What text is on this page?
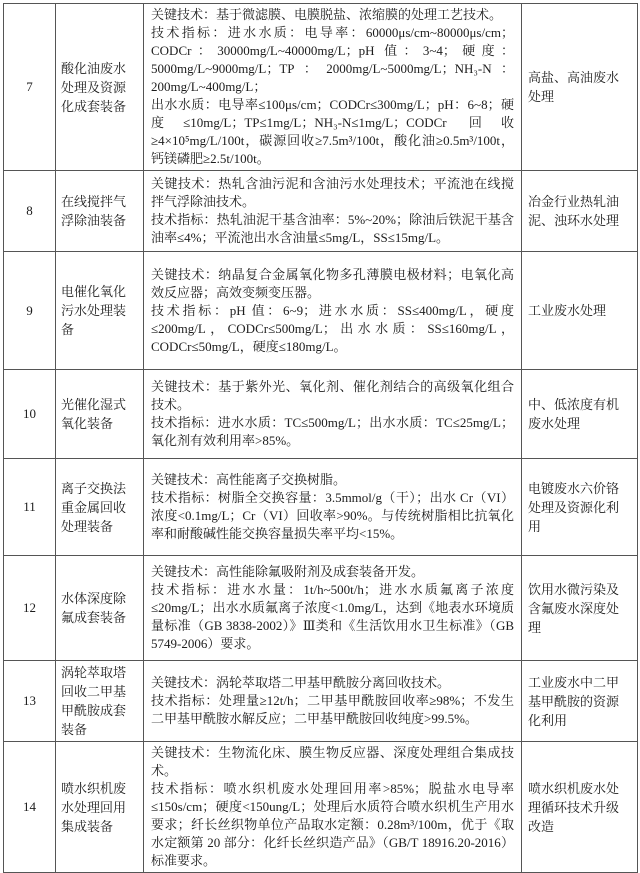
7	酸化油废水处理及资源化成套装备	关键技术：基于微滤膜、电膜脱盐、浓缩膜的处理工艺技术。

技术指标：进水水质：电导率：60000μs/cm~80000μs/cm；CODCr：30000mg/L~40000mg/L；pH 值：3~4；硬度：5000mg/L~9000mg/L；TP：2000mg/L~5000mg/L；NH₃-N：200mg/L~400mg/L；

出水水质：电导率≤100μs/cm；CODCr≤300mg/L；pH：6~8；硬度≤10mg/L；TP≤1mg/L；NH₃-N≤1mg/L；CODCr 回收≥4×10⁵mg/L/100t，碳源回收≥7.5m³/100t，酸化油≥0.5m³/100t，钙镁磷肥≥2.5t/100t。	高盐、高油废水处理
8	在线搅拌气浮除油装备	关键技术：热轧含油污泥和含油污水处理技术；平流池在线搅拌气浮除油技术。

技术指标：热轧油泥干基含油率：5%~20%；除油后铁泥干基含油率≤4%；平流池出水含油量≤5mg/L，SS≤15mg/L。	冶金行业热轧油泥、浊环水处理
9	电催化氧化污水处理装备	关键技术：纳晶复合金属氧化物多孔薄膜电极材料；电氧化高效反应器；高效变频变压器。

技术指标：pH 值：6~9；进水水质：SS≤400mg/L，硬度≤200mg/L，CODCr≤500mg/L；出水水质：SS≤160mg/L，CODCr≤50mg/L，硬度≤180mg/L。	工业废水处理
10	光催化湿式氧化装备	关键技术：基于紫外光、氧化剂、催化剂结合的高级氧化组合技术。

技术指标：进水水质：TC≤500mg/L；出水水质：TC≤25mg/L；氧化剂有效利用率>85%。	中、低浓度有机废水处理
11	离子交换法重金属回收处理装备	关键技术：高性能离子交换树脂。

技术指标：树脂全交换容量：3.5mmol/g（干）；出水 Cr（VI）浓度<0.1mg/L；Cr（VI）回收率>90%。与传统树脂相比抗氧化率和耐酸碱性能交换容量损失率平均<15%。	电镀废水六价铬处理及资源化利用
12	水体深度除氟成套装备	关键技术：高性能除氟吸附剂及成套装备开发。

技术指标：进水水量：1t/h~500t/h；进水水质氟离子浓度≤20mg/L；出水水质氟离子浓度<1.0mg/L，达到《地表水环境质量标准（GB 3838-2002）》Ⅲ类和《生活饮用水卫生标准》（GB 5749-2006）要求。	饮用水微污染及含氟废水深度处理
13	涡轮萃取塔回收二甲基甲酰胺成套装备	关键技术：涡轮萃取塔二甲基甲酰胺分离回收技术。

技术指标：处理量≥12t/h；二甲基甲酰胺回收率≥98%；不发生二甲基甲酰胺水解反应；二甲基甲酰胺回收纯度>99.5%。	工业废水中二甲基甲酰胺的资源化利用
14	喷水织机废水处理回用集成装备	关键技术：生物流化床、膜生物反应器、深度处理组合集成技术。

技术指标：喷水织机废水处理回用率>85%；脱盐水电导率≤150s/cm；硬度<150ung/L；处理后水质符合喷水织机生产用水要求；纤长丝织物单位产品取水定额：0.28m³/100m，优于《取水定额第 20 部分：化纤长丝织造产品》（GB/T 18916.20-2016）标准要求。	喷水织机废水处理循环技术升级改造
